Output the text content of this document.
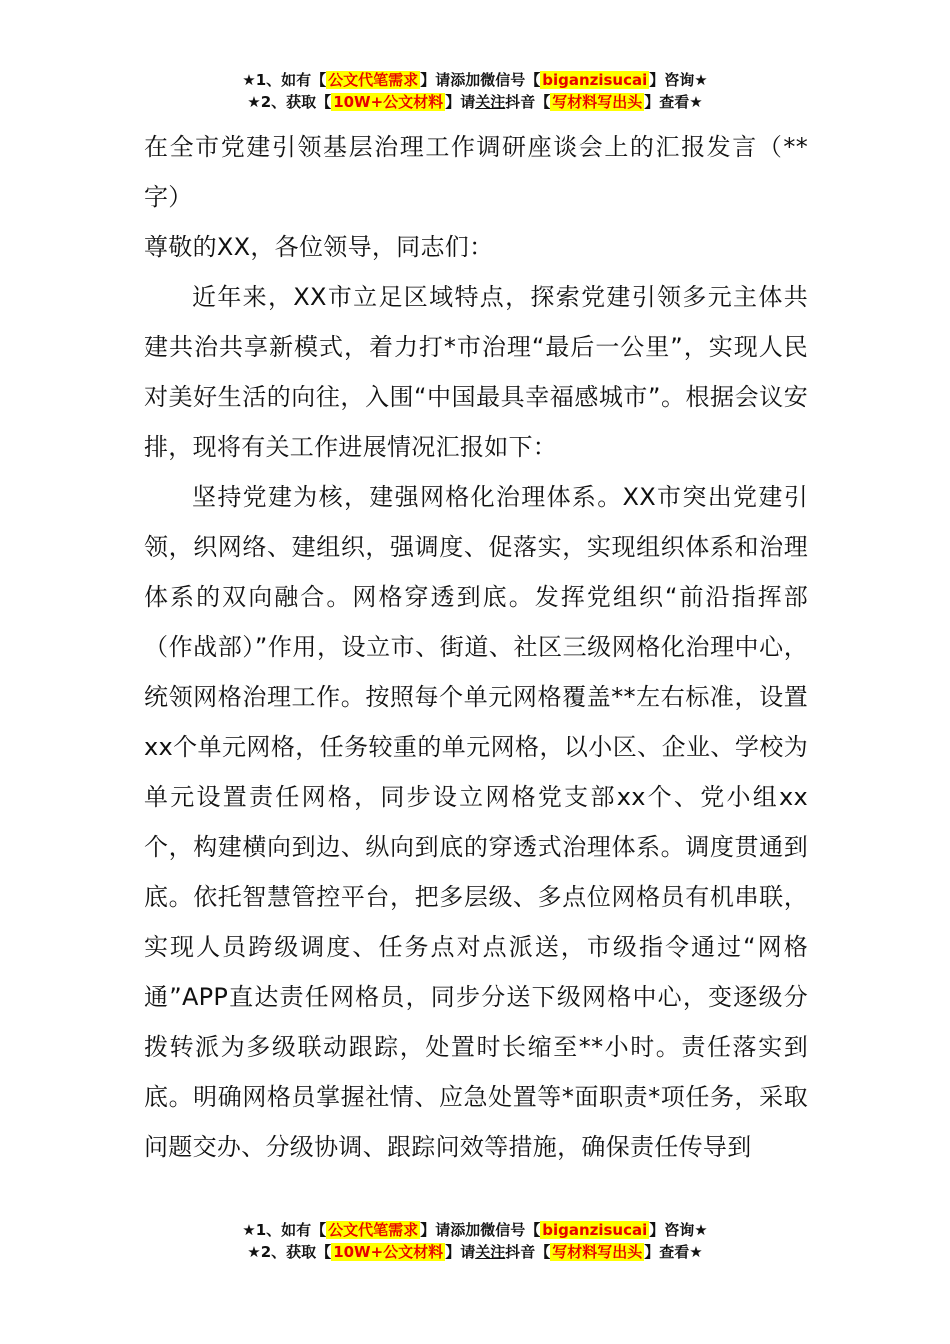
★1、如有【 公文代笔需求 】请添加微信号【 biganzisucai 】咨询★
★2、获取【 10W+公文材料 】请关注抖音【 写材料写出头 】查看★

在全市党建引领基层治理工作调研座谈会上的汇报发言（**字）

尊敬的XX，各位领导，同志们：

近年来，XX市立足区域特点，探索党建引领多元主体共建共治共享新模式，着力打*市治理“最后一公里”，实现人民对美好生活的向往，入围“中国最具幸福感城市”。根据会议安排，现将有关工作进展情况汇报如下：

坚持党建为核，建强网格化治理体系。XX市突出党建引领，织网络、建组织，强调度、促落实，实现组织体系和治理体系的双向融合。网格穿透到底。发挥党组织“前沿指挥部（作战部）”作用，设立市、街道、社区三级网格化治理中心，统领网格治理工作。按照每个单元网格覆盖**左右标准，设置xx个单元网格，任务较重的单元网格，以小区、企业、学校为单元设置责任网格，同步设立网格党支部xx个、党小组xx个，构建横向到边、纵向到底的穿透式治理体系。调度贯通到底。依托智慧管控平台，把多层级、多点位网格员有机串联，实现人员跨级调度、任务点对点派送，市级指令通过“网格通”APP直达责任网格员，同步分送下级网格中心，变逐级分拨转派为多级联动跟踪，处置时长缩至**小时。责任落实到底。明确网格员掌握社情、应急处置等*面职责*项任务，采取问题交办、分级协调、跟踪问效等措施，确保责任传导到

★1、如有【 公文代笔需求 】请添加微信号【 biganzisucai 】咨询★
★2、获取【 10W+公文材料 】请关注抖音【 写材料写出头 】查看★
